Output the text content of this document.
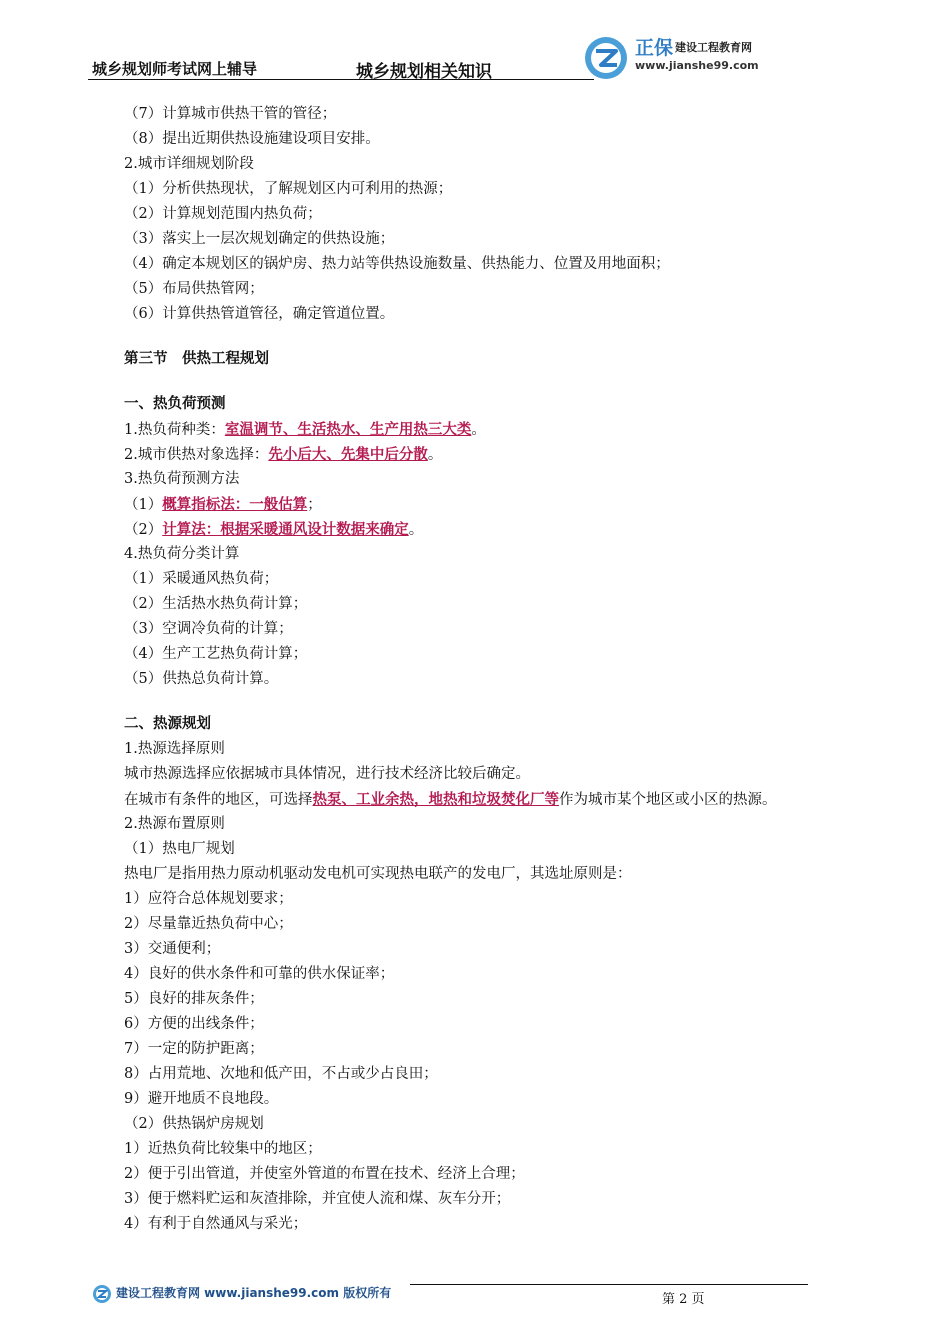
城乡规划师考试网上辅导	城乡规划相关知识
正保 建设工程教育网
www.jianshe99.com
（7）计算城市供热干管的管径；
（8）提出近期供热设施建设项目安排。
2.城市详细规划阶段
（1）分析供热现状，了解规划区内可利用的热源；
（2）计算规划范围内热负荷；
（3）落实上一层次规划确定的供热设施；
（4）确定本规划区的锅炉房、热力站等供热设施数量、供热能力、位置及用地面积；
（5）布局供热管网；
（6）计算供热管道管径，确定管道位置。
第三节　供热工程规划
一、热负荷预测
1.热负荷种类：室温调节、生活热水、生产用热三大类。
2.城市供热对象选择：先小后大、先集中后分散。
3.热负荷预测方法
（1）概算指标法：一般估算；
（2）计算法：根据采暖通风设计数据来确定。
4.热负荷分类计算
（1）采暖通风热负荷；
（2）生活热水热负荷计算；
（3）空调冷负荷的计算；
（4）生产工艺热负荷计算；
（5）供热总负荷计算。
二、热源规划
1.热源选择原则
城市热源选择应依据城市具体情况，进行技术经济比较后确定。
在城市有条件的地区，可选择热泵、工业余热，地热和垃圾焚化厂等作为城市某个地区或小区的热源。
2.热源布置原则
（1）热电厂规划
热电厂是指用热力原动机驱动发电机可实现热电联产的发电厂，其选址原则是：
1）应符合总体规划要求；
2）尽量靠近热负荷中心；
3）交通便利；
4）良好的供水条件和可靠的供水保证率；
5）良好的排灰条件；
6）方便的出线条件；
7）一定的防护距离；
8）占用荒地、次地和低产田，不占或少占良田；
9）避开地质不良地段。
（2）供热锅炉房规划
1）近热负荷比较集中的地区；
2）便于引出管道，并使室外管道的布置在技术、经济上合理；
3）便于燃料贮运和灰渣排除，并宜使人流和煤、灰车分开；
4）有利于自然通风与采光；
建设工程教育网 www.jianshe99.com 版权所有	第 2 页
